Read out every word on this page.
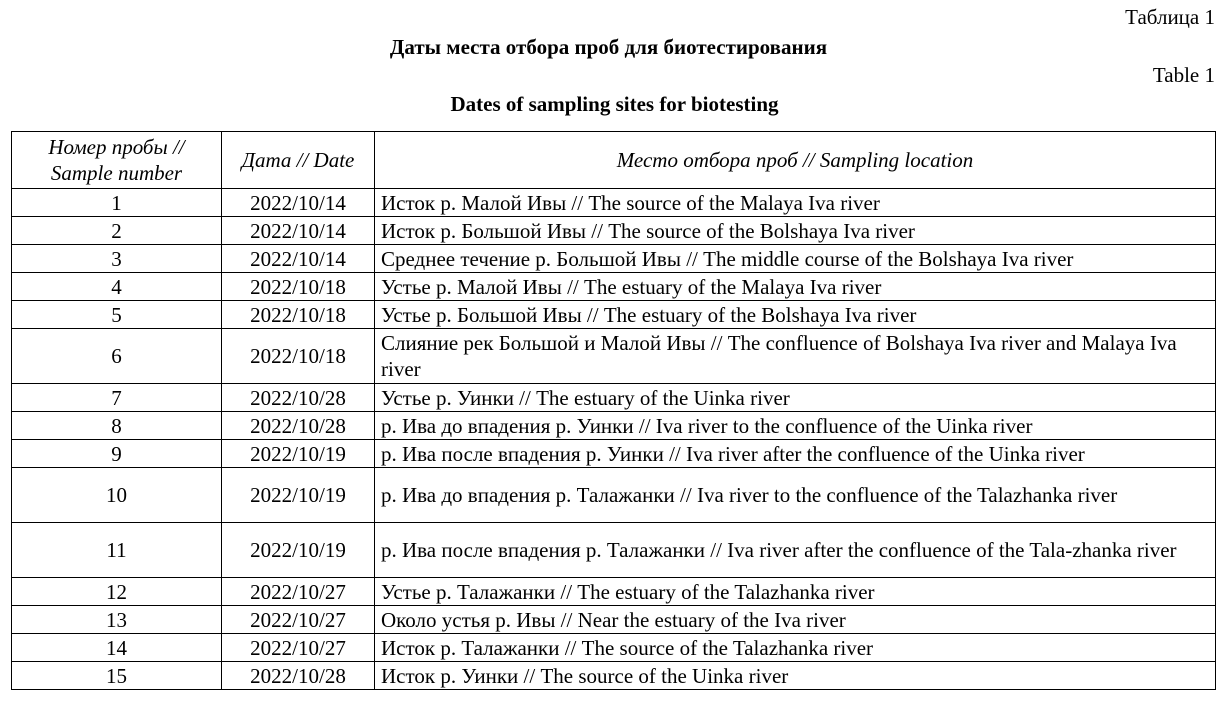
Таблица 1
Даты места отбора проб для биотестирования
Table 1
Dates of sampling sites for biotesting
Номер пробы //
Sample number	Дата // Date	Место отбора проб // Sampling location
1	2022/10/14	Исток р. Малой Ивы // The source of the Malaya Iva river
2	2022/10/14	Исток р. Большой Ивы // The source of the Bolshaya Iva river
3	2022/10/14	Среднее течение р. Большой Ивы // The middle course of the Bolshaya Iva river
4	2022/10/18	Устье р. Малой Ивы // The estuary of the Malaya Iva river
5	2022/10/18	Устье р. Большой Ивы // The estuary of the Bolshaya Iva river
6	2022/10/18	Слияние рек Большой и Малой Ивы // The confluence of Bolshaya Iva river and Malaya Iva river
7	2022/10/28	Устье р. Уинки // The estuary of the Uinka river
8	2022/10/28	р. Ива до впадения р. Уинки // Iva river to the confluence of the Uinka river
9	2022/10/19	р. Ива после впадения р. Уинки // Iva river after the confluence of the Uinka river
10	2022/10/19	р. Ива до впадения р. Талажанки // Iva river to the confluence of the Talazhanka river
11	2022/10/19	р. Ива после впадения р. Талажанки // Iva river after the confluence of the Tala-zhanka river
12	2022/10/27	Устье р. Талажанки // The estuary of the Talazhanka river
13	2022/10/27	Около устья р. Ивы // Near the estuary of the Iva river
14	2022/10/27	Исток р. Талажанки // The source of the Talazhanka river
15	2022/10/28	Исток р. Уинки // The source of the Uinka river
